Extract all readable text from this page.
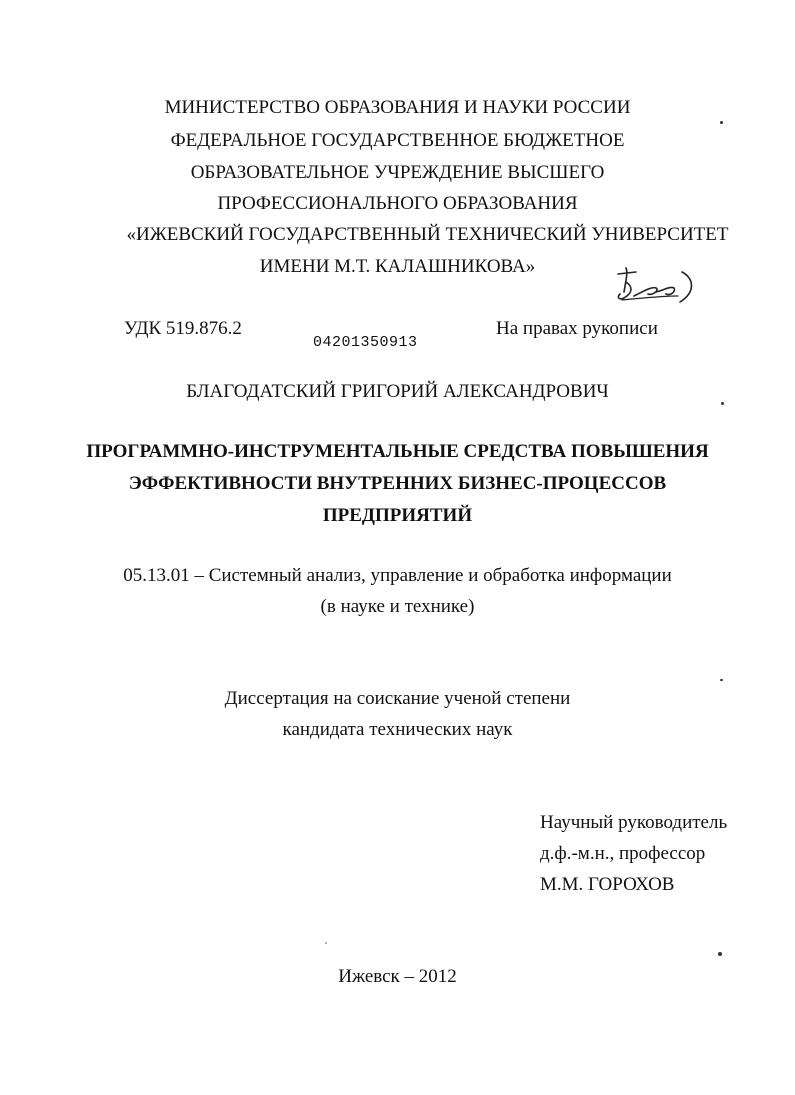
МИНИСТЕРСТВО ОБРАЗОВАНИЯ И НАУКИ РОССИИ
ФЕДЕРАЛЬНОЕ ГОСУДАРСТВЕННОЕ БЮДЖЕТНОЕ
ОБРАЗОВАТЕЛЬНОЕ УЧРЕЖДЕНИЕ ВЫСШЕГО
ПРОФЕССИОНАЛЬНОГО ОБРАЗОВАНИЯ
«ИЖЕВСКИЙ ГОСУДАРСТВЕННЫЙ ТЕХНИЧЕСКИЙ УНИВЕРСИТЕТ
ИМЕНИ М.Т. КАЛАШНИКОВА»
УДК 519.876.2
04201350913
На правах рукописи
БЛАГОДАТСКИЙ ГРИГОРИЙ АЛЕКСАНДРОВИЧ
ПРОГРАММНО-ИНСТРУМЕНТАЛЬНЫЕ СРЕДСТВА ПОВЫШЕНИЯ
ЭФФЕКТИВНОСТИ ВНУТРЕННИХ БИЗНЕС-ПРОЦЕССОВ
ПРЕДПРИЯТИЙ
05.13.01 – Системный анализ, управление и обработка информации
(в науке и технике)
Диссертация на соискание ученой степени
кандидата технических наук
Научный руководитель
д.ф.-м.н., профессор
М.М. ГОРОХОВ
Ижевск – 2012
